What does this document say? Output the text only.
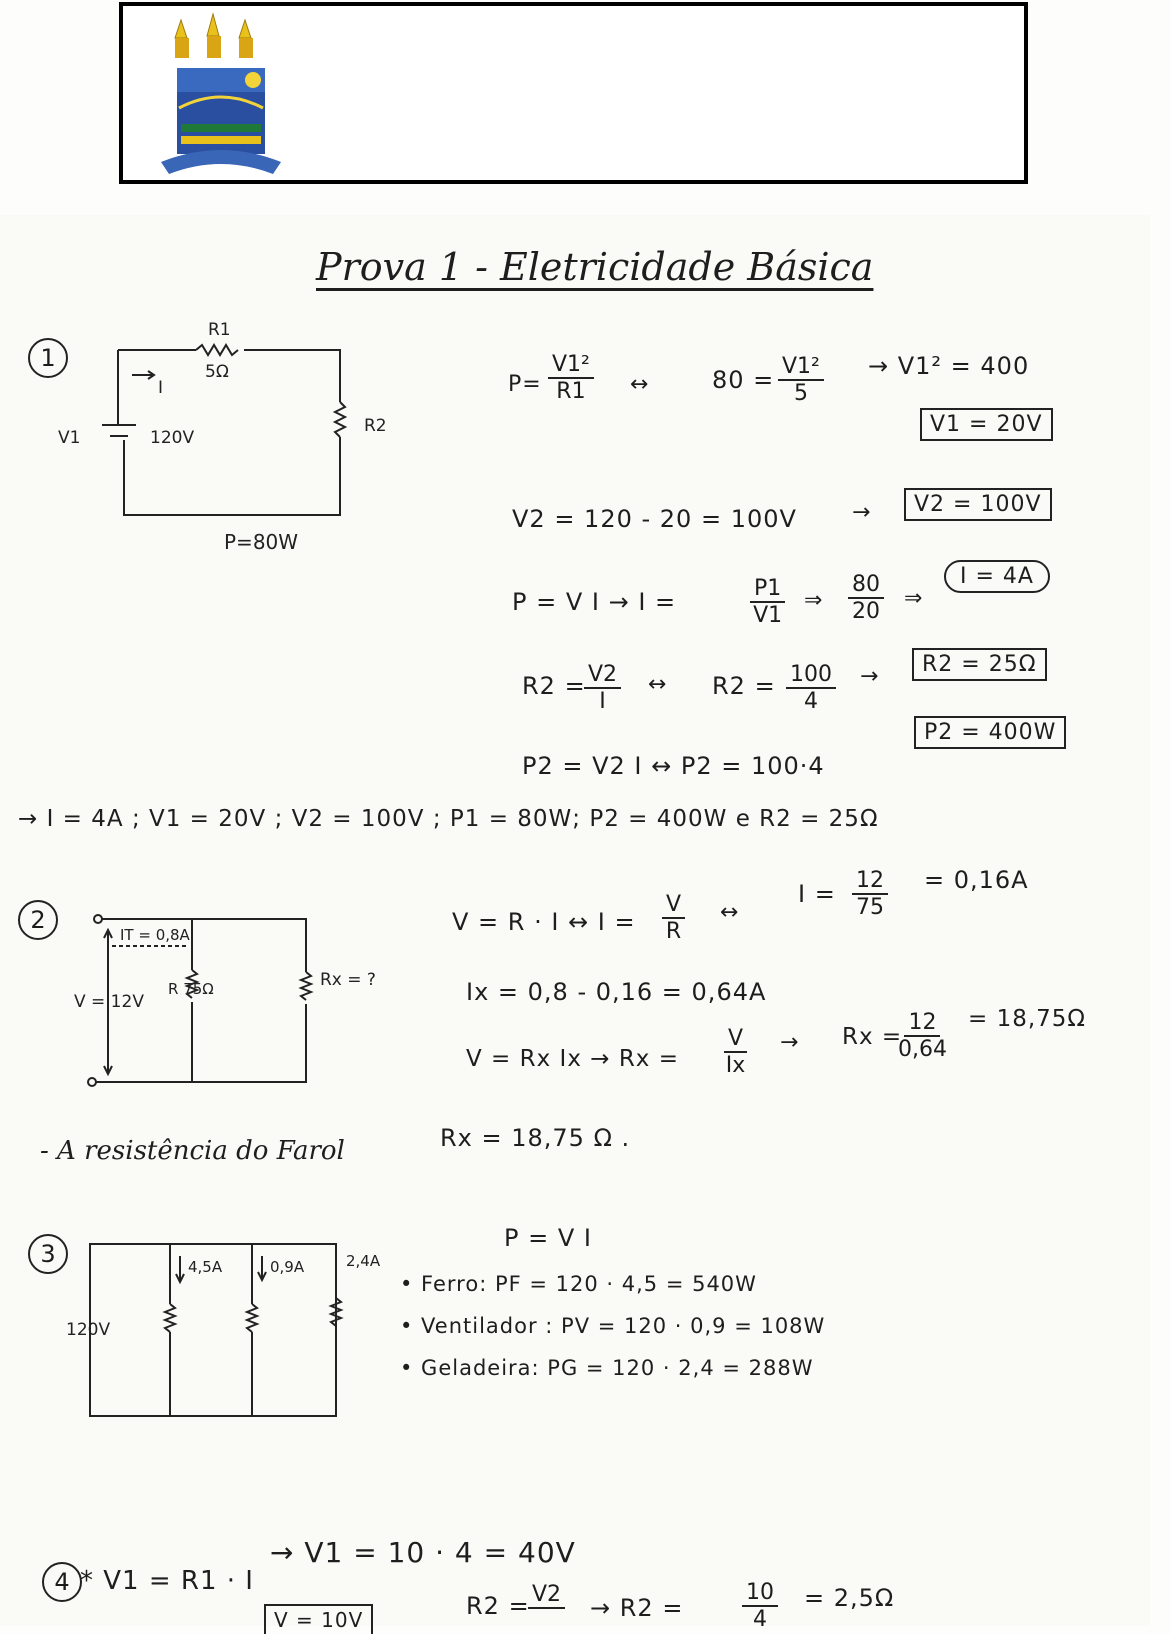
Prova 1 - Eletricidade Básica
1
R1
5Ω
I
V1	120V
R2
P=80W
$P= \frac{\text{V1²}}{R1}$ ↔	$80 = \frac{\text{V1²}}{5} \to V1^2 = 400$
V1 = 20V
V2 = 120 - 20 = 100V	→	V2 = 100V
P = V I → I =	$\frac{P1}{V1}$ ⇒ $\frac{80}{20}$ ⇒
I = 4A
R2 =
$\frac{V2}{I}$ ↔ $R2 = \frac{100}{4}$ →	R2 = 25Ω
P2 = V2 I ↔ P2 = 100·4
P2 = 400W
→ I = 4A ; V1 = 20V ; V2 = 100V ; P1 = 80W; P2 = 400W e R2 = 25Ω
2
IT = 0,8A
V = 12V
R 75Ω	Rx = ?
V = R · I ↔ $I = \frac{V}{R}$ ↔
$I = \frac{12}{75} = 0,16A$
Ix = 0,8 - 0,16 = 0,64A
V = Rx $Ix \to Rx = \frac{V}{Ix} \to Rx$ =
$\frac{12}{0,64} = 18,75\Omega$
- A resistência do Farol	Rx = 18,75 Ω .
3
120V
4,5A	0,9A	2,4A
P = V I
• Ferro: PF = 120 · 4,5 = 540W
• Ventilador : PV = 120 · 0,9 = 108W
• Geladeira: PG = 120 · 2,4 = 288W
4 * V1 = R1 · I
→ V1 = 10 · 4 = 40V
R2 = V2 → R2 =	$\frac{10}{4} = 2,5\Omega$
V = 10V
